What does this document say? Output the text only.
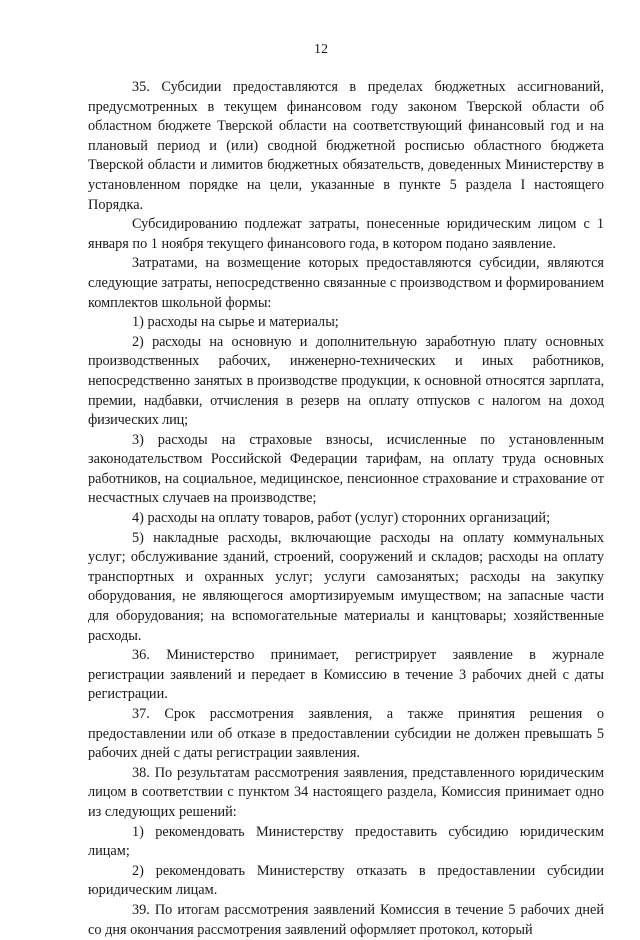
12

35. Субсидии предоставляются в пределах бюджетных ассигнований, предусмотренных в текущем финансовом году законом Тверской области об областном бюджете Тверской области на соответствующий финансовый год и на плановый период и (или) сводной бюджетной росписью областного бюджета Тверской области и лимитов бюджетных обязательств, доведенных Министерству в установленном порядке на цели, указанные в пункте 5 раздела I настоящего Порядка.

Субсидированию подлежат затраты, понесенные юридическим лицом с 1 января по 1 ноября текущего финансового года, в котором подано заявление.

Затратами, на возмещение которых предоставляются субсидии, являются следующие затраты, непосредственно связанные с производством и формированием комплектов школьной формы:

1) расходы на сырье и материалы;

2) расходы на основную и дополнительную заработную плату основных производственных рабочих, инженерно-технических и иных работников, непосредственно занятых в производстве продукции, к основной относятся зарплата, премии, надбавки, отчисления в резерв на оплату отпусков с налогом на доход физических лиц;

3) расходы на страховые взносы, исчисленные по установленным законодательством Российской Федерации тарифам, на оплату труда основных работников, на социальное, медицинское, пенсионное страхование и страхование от несчастных случаев на производстве;

4) расходы на оплату товаров, работ (услуг) сторонних организаций;

5) накладные расходы, включающие расходы на оплату коммунальных услуг; обслуживание зданий, строений, сооружений и складов; расходы на оплату транспортных и охранных услуг; услуги самозанятых; расходы на закупку оборудования, не являющегося амортизируемым имуществом; на запасные части для оборудования; на вспомогательные материалы и канцтовары; хозяйственные расходы.

36. Министерство принимает, регистрирует заявление в журнале регистрации заявлений и передает в Комиссию в течение 3 рабочих дней с даты регистрации.

37. Срок рассмотрения заявления, а также принятия решения о предоставлении или об отказе в предоставлении субсидии не должен превышать 5 рабочих дней с даты регистрации заявления.

38. По результатам рассмотрения заявления, представленного юридическим лицом в соответствии с пунктом 34 настоящего раздела, Комиссия принимает одно из следующих решений:

1) рекомендовать Министерству предоставить субсидию юридическим лицам;

2) рекомендовать Министерству отказать в предоставлении субсидии юридическим лицам.

39. По итогам рассмотрения заявлений Комиссия в течение 5 рабочих дней со дня окончания рассмотрения заявлений оформляет протокол, который
